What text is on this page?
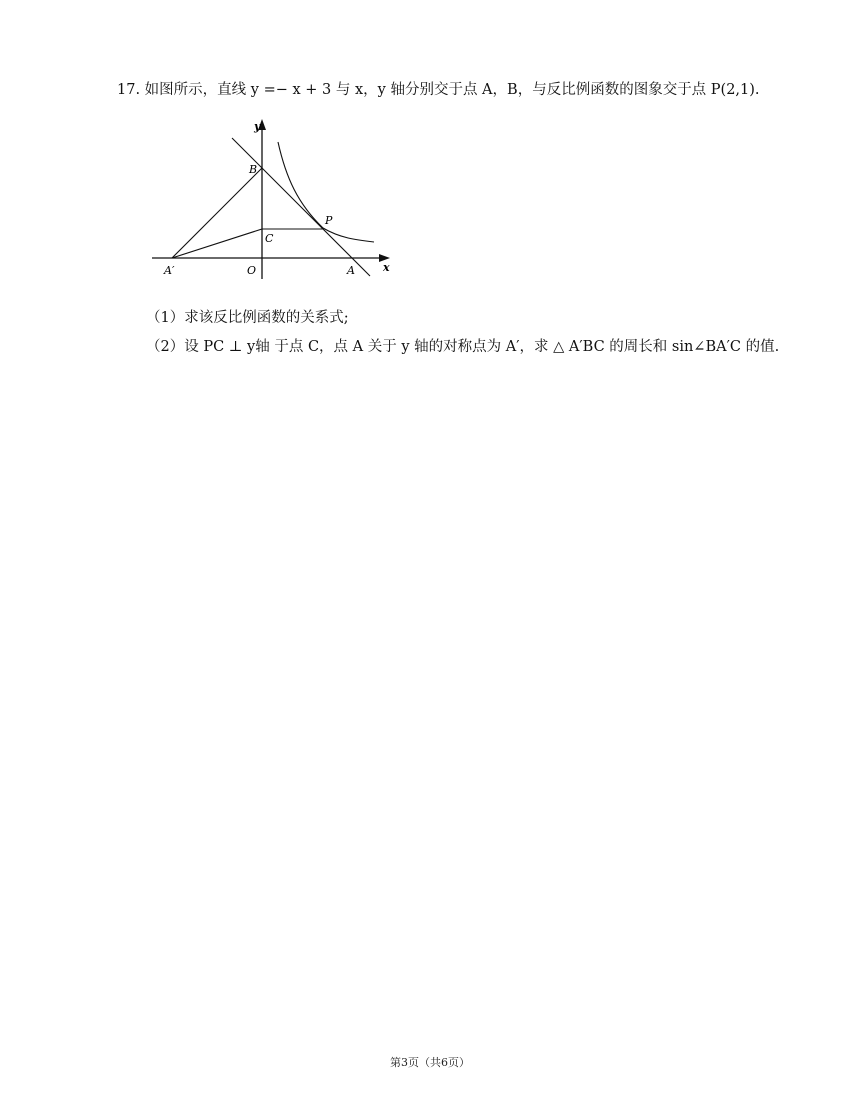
17. 如图所示，直线 y =− x + 3 与 x，y 轴分别交于点 A，B，与反比例函数的图象交于点 P(2,1).
y
x
B
P
C
A′	O	A
（1）求该反比例函数的关系式;
（2）设 PC ⊥ y轴 于点 C，点 A 关于 y 轴的对称点为 A′，求 △ A′BC 的周长和 sin∠BA′C 的值.
第3页（共6页）
